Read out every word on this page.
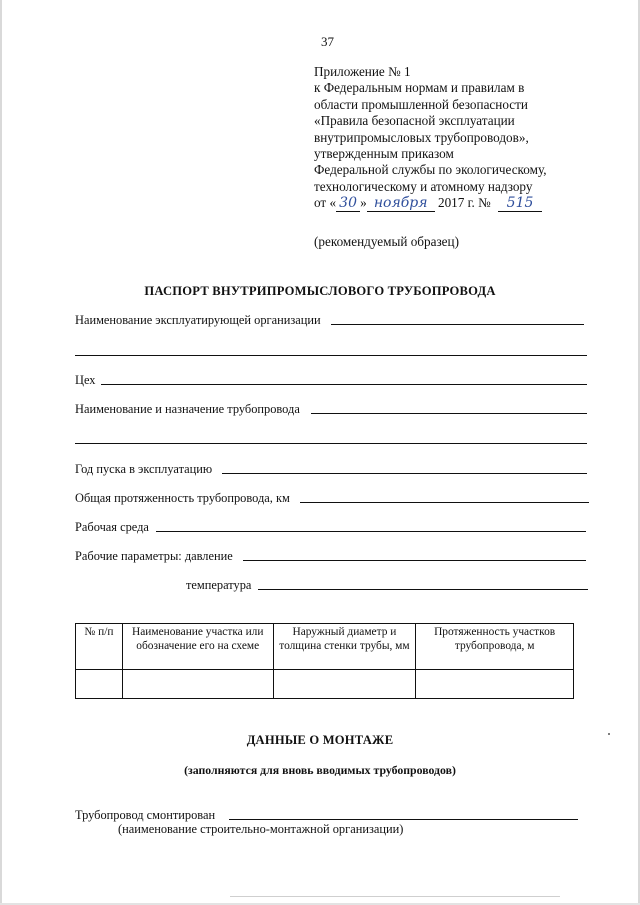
37
Приложение № 1
к Федеральным нормам и правилам в
области промышленной безопасности
«Правила безопасной эксплуатации
внутрипромысловых трубопроводов»,
утвержденным приказом
Федеральной службы по экологическому,
технологическому и атомному надзору
от « 30 » ноября 2017 г. № 515
(рекомендуемый образец)
ПАСПОРТ ВНУТРИПРОМЫСЛОВОГО ТРУБОПРОВОДА
Наименование эксплуатирующей организации
Цех
Наименование и назначение трубопровода
Год пуска в эксплуатацию
Общая протяженность трубопровода, км
Рабочая среда
Рабочие параметры: давление
температура
№ п/п	Наименование участка или обозначение его на схеме	Наружный диаметр и толщина стенки трубы, мм	Протяженность участков трубопровода, м

ДАННЫЕ О МОНТАЖЕ
(заполняются для вновь вводимых трубопроводов)
Трубопровод смонтирован
(наименование строительно-монтажной организации)
